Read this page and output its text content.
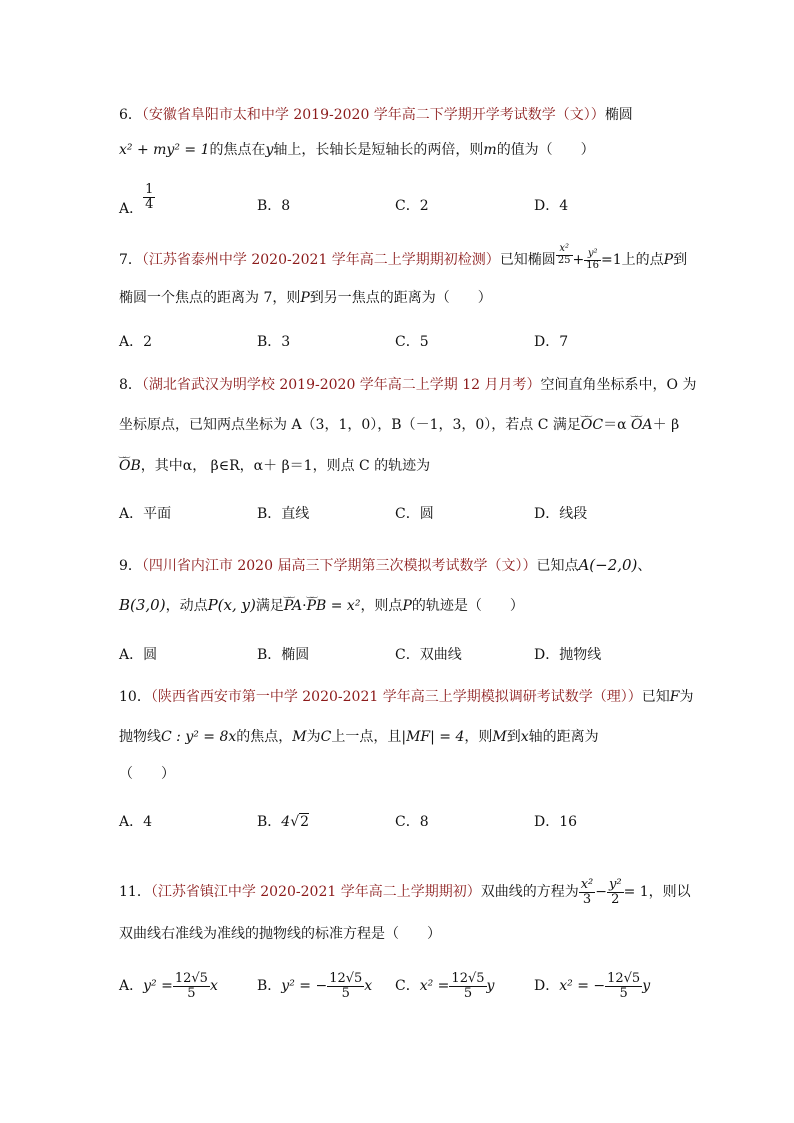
6．（安徽省阜阳市太和中学 2019-2020 学年高二下学期开学考试数学（文））椭圆
x² + my² = 1的焦点在y轴上，长轴长是短轴长的两倍，则m的值为（　　）
A． $\frac{1}{4}$	B．8	C．2	D．4
7．（江苏省泰州中学 2020-2021 学年高二上学期期初检测）已知椭圆 $\frac{\text{x²}}{25} + \frac{\text{y²}}{16} =1$上的点P到
椭圆一个焦点的距离为 7，则P到另一焦点的距离为（　　）
A．2	B．3	C．5	D．7
8．（湖北省武汉为明学校 2019-2020 学年高二上学期 12 月月考）空间直角坐标系中，O 为
坐标原点，已知两点坐标为 A（3，1，0），B（－1，3，0），若点 C 满足‿‿ OC＝α ‿‿ OA＋ β
‿‿ OB，其中α， β∈R，α＋ β＝1，则点 C 的轨迹为
A．平面	B．直线	C．圆	D．线段
9．（四川省内江市 2020 届高三下学期第三次模拟考试数学（文））已知点A(−2,0)、
B(3,0)，动点P(x, y)满足‿‿ PA·‿‿ PB = x²，则点P的轨迹是（　　）
A．圆	B．椭圆	C．双曲线	D．抛物线
10．（陕西省西安市第一中学 2020-2021 学年高三上学期模拟调研考试数学（理））已知F为
抛物线C : y² = 8x的焦点，M为C上一点，且|MF| = 4，则M到x轴的距离为
（　　）
A．4	B．4√2	C．8	D．16
11．（江苏省镇江中学 2020-2021 学年高二上学期期初）双曲线的方程为 $\frac{\text{x²}}{3} - \frac{\text{y²}}{2} = 1$，则以
双曲线右准线为准线的抛物线的标准方程是（　　）
A．$y^2 = \frac{12√5}{5}$ x	B．y² = − $\frac{12√5}{5}$ x C．$x^2 = \frac{12√5}{5}$ y	D．x² = − $\frac{12√5}{5}$ y
